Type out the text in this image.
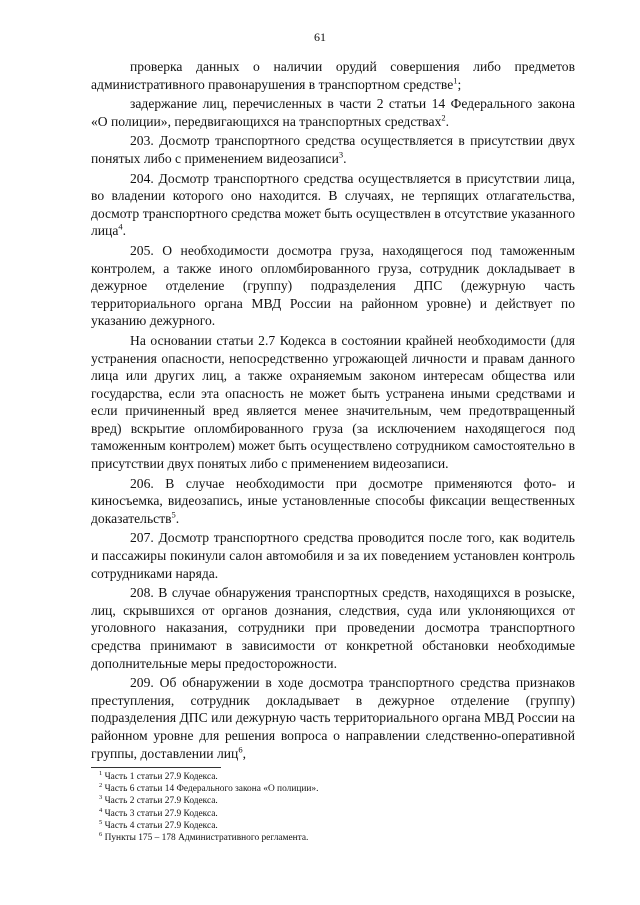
61

проверка данных о наличии орудий совершения либо предметов административного правонарушения в транспортном средстве$^1$;

задержание лиц, перечисленных в части 2 статьи 14 Федерального закона «О полиции», передвигающихся на транспортных средствах$^2$.

203. Досмотр транспортного средства осуществляется в присутствии двух понятых либо с применением видеозаписи$^3$.

204. Досмотр транспортного средства осуществляется в присутствии лица, во владении которого оно находится. В случаях, не терпящих отлагательства, досмотр транспортного средства может быть осуществлен в отсутствие указанного лица$^4$.

205. О необходимости досмотра груза, находящегося под таможенным контролем, а также иного опломбированного груза, сотрудник докладывает в дежурное отделение (группу) подразделения ДПС (дежурную часть территориального органа МВД России на районном уровне) и действует по указанию дежурного.

На основании статьи 2.7 Кодекса в состоянии крайней необходимости (для устранения опасности, непосредственно угрожающей личности и правам данного лица или других лиц, а также охраняемым законом интересам общества или государства, если эта опасность не может быть устранена иными средствами и если причиненный вред является менее значительным, чем предотвращенный вред) вскрытие опломбированного груза (за исключением находящегося под таможенным контролем) может быть осуществлено сотрудником самостоятельно в присутствии двух понятых либо с применением видеозаписи.

206. В случае необходимости при досмотре применяются фото- и киносъемка, видеозапись, иные установленные способы фиксации вещественных доказательств$^5$.

207. Досмотр транспортного средства проводится после того, как водитель и пассажиры покинули салон автомобиля и за их поведением установлен контроль сотрудниками наряда.

208. В случае обнаружения транспортных средств, находящихся в розыске, лиц, скрывшихся от органов дознания, следствия, суда или уклоняющихся от уголовного наказания, сотрудники при проведении досмотра транспортного средства принимают в зависимости от конкретной обстановки необходимые дополнительные меры предосторожности.

209. Об обнаружении в ходе досмотра транспортного средства признаков преступления, сотрудник докладывает в дежурное отделение (группу) подразделения ДПС или дежурную часть территориального органа МВД России на районном уровне для решения вопроса о направлении следственно-оперативной группы, доставлении лиц$^6$,

$^1$ Часть 1 статьи 27.9 Кодекса.

$^2$ Часть 6 статьи 14 Федерального закона «О полиции».

$^3$ Часть 2 статьи 27.9 Кодекса.

$^4$ Часть 3 статьи 27.9 Кодекса.

$^5$ Часть 4 статьи 27.9 Кодекса.

$^6$ Пункты 175 – 178 Административного регламента.
